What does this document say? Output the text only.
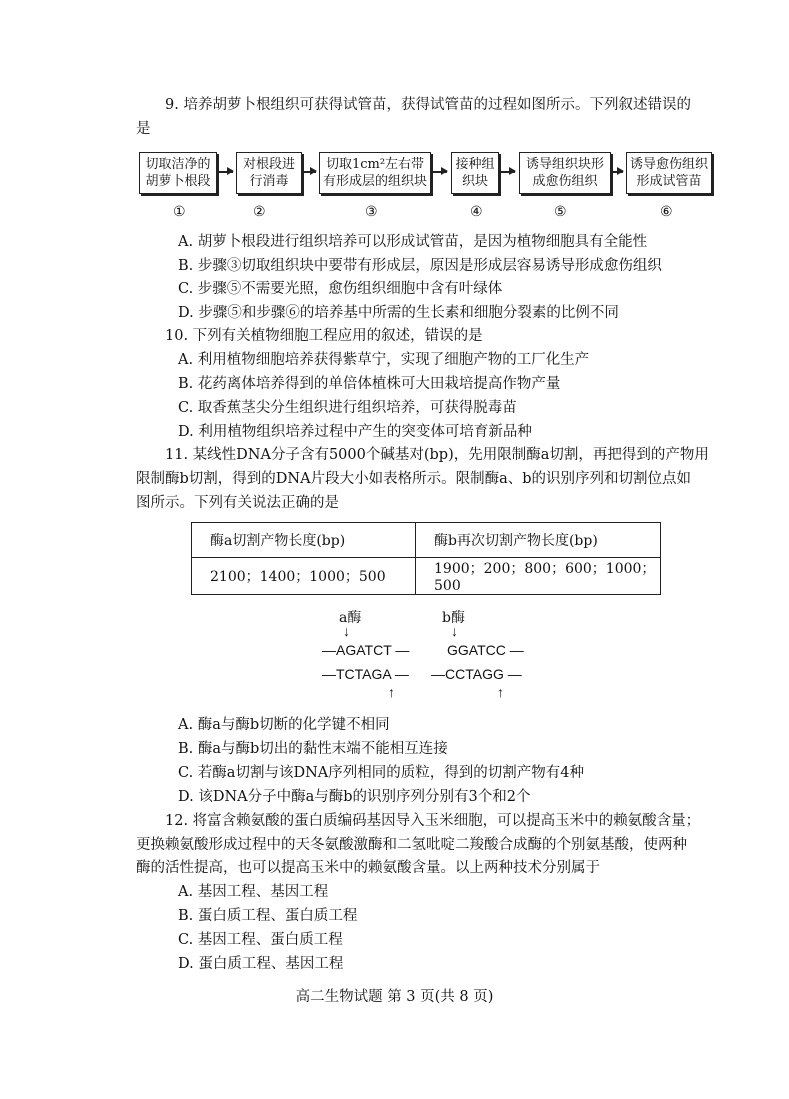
9. 培养胡萝卜根组织可获得试管苗，获得试管苗的过程如图所示。下列叙述错误的
是
切取洁净的胡萝卜根段
对根段进行消毒
切取1cm²左右带有形成层的组织块
接种组织块
诱导组织块形成愈伤组织
诱导愈伤组织形成试管苗
①	②	③	④	⑤	⑥
A. 胡萝卜根段进行组织培养可以形成试管苗，是因为植物细胞具有全能性
B. 步骤③切取组织块中要带有形成层，原因是形成层容易诱导形成愈伤组织
C. 步骤⑤不需要光照，愈伤组织细胞中含有叶绿体
D. 步骤⑤和步骤⑥的培养基中所需的生长素和细胞分裂素的比例不同
10. 下列有关植物细胞工程应用的叙述，错误的是
A. 利用植物细胞培养获得紫草宁，实现了细胞产物的工厂化生产
B. 花药离体培养得到的单倍体植株可大田栽培提高作物产量
C. 取香蕉茎尖分生组织进行组织培养，可获得脱毒苗
D. 利用植物组织培养过程中产生的突变体可培育新品种
11. 某线性DNA分子含有5000个碱基对(bp)，先用限制酶a切割，再把得到的产物用
限制酶b切割，得到的DNA片段大小如表格所示。限制酶a、b的识别序列和切割位点如
图所示。下列有关说法正确的是
酶a切割产物长度(bp)	酶b再次切割产物长度(bp)
2100；1400；1000；500	1900；200；800；600；1000；500
a酶	b酶
↓	↓
—AGATCT —	GGATCC —
—TCTAGA — —CCTAGG —
↑	↑
A. 酶a与酶b切断的化学键不相同
B. 酶a与酶b切出的黏性末端不能相互连接
C. 若酶a切割与该DNA序列相同的质粒，得到的切割产物有4种
D. 该DNA分子中酶a与酶b的识别序列分别有3个和2个
12. 将富含赖氨酸的蛋白质编码基因导入玉米细胞，可以提高玉米中的赖氨酸含量；
更换赖氨酸形成过程中的天冬氨酸激酶和二氢吡啶二羧酸合成酶的个别氨基酸，使两种
酶的活性提高，也可以提高玉米中的赖氨酸含量。以上两种技术分别属于
A. 基因工程、基因工程
B. 蛋白质工程、蛋白质工程
C. 基因工程、蛋白质工程
D. 蛋白质工程、基因工程
高二生物试题 第 3 页(共 8 页)
